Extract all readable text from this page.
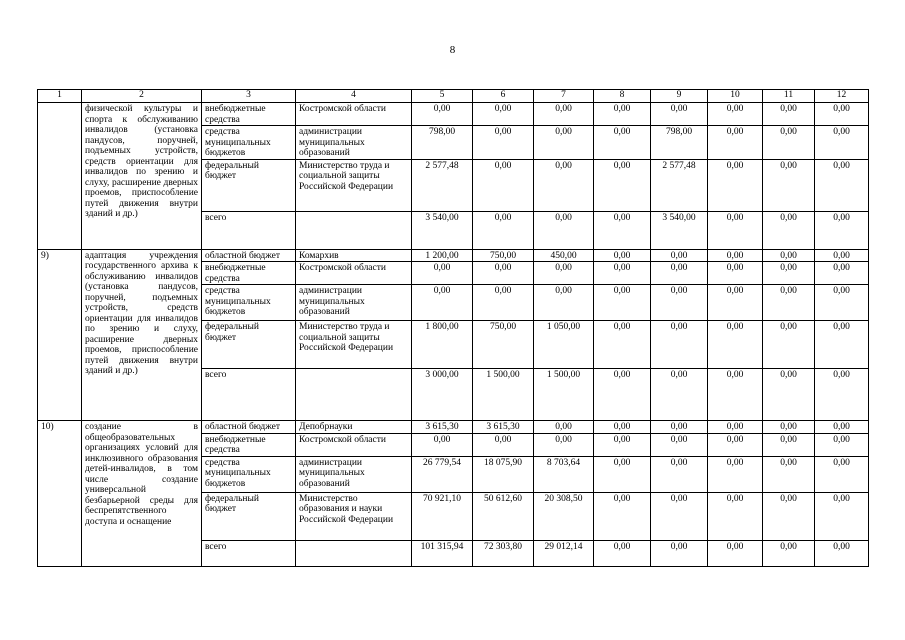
8
1	2	3	4	5	6	7	8	9	10	11	12
	физической культуры и спорта к обслуживанию инвалидов (установка пандусов, поручней, подъемных устройств, средств ориентации для инвалидов по зрению и слуху, расширение дверных проемов, приспособление путей движения внутри зданий и др.)	внебюджетные средства	Костромской области	0,00	0,00	0,00	0,00	0,00	0,00	0,00	0,00
		средства муниципальных бюджетов	администрации муниципальных образований	798,00	0,00	0,00	0,00	798,00	0,00	0,00	0,00
		федеральный бюджет	Министерство труда и социальной защиты Российской Федерации	2 577,48	0,00	0,00	0,00	2 577,48	0,00	0,00	0,00
		всего		3 540,00	0,00	0,00	0,00	3 540,00	0,00	0,00	0,00
9)	адаптация учреждения государственного архива к обслуживанию инвалидов (установка пандусов, поручней, подъемных устройств, средств ориентации для инвалидов по зрению и слуху, расширение дверных проемов, приспособление путей движения внутри зданий и др.)	областной бюджет	Комархив	1 200,00	750,00	450,00	0,00	0,00	0,00	0,00	0,00
		внебюджетные средства	Костромской области	0,00	0,00	0,00	0,00	0,00	0,00	0,00	0,00
		средства муниципальных бюджетов	администрации муниципальных образований	0,00	0,00	0,00	0,00	0,00	0,00	0,00	0,00
		федеральный бюджет	Министерство труда и социальной защиты Российской Федерации	1 800,00	750,00	1 050,00	0,00	0,00	0,00	0,00	0,00
		всего		3 000,00	1 500,00	1 500,00	0,00	0,00	0,00	0,00	0,00
10)	создание в общеобразовательных организациях условий для инклюзивного образования детей-инвалидов, в том числе создание универсальной безбарьерной среды для беспрепятственного доступа и оснащение	областной бюджет	Депобрнауки	3 615,30	3 615,30	0,00	0,00	0,00	0,00	0,00	0,00
		внебюджетные средства	Костромской области	0,00	0,00	0,00	0,00	0,00	0,00	0,00	0,00
		средства муниципальных бюджетов	администрации муниципальных образований	26 779,54	18 075,90	8 703,64	0,00	0,00	0,00	0,00	0,00
		федеральный бюджет	Министерство образования и науки Российской Федерации	70 921,10	50 612,60	20 308,50	0,00	0,00	0,00	0,00	0,00
		всего		101 315,94	72 303,80	29 012,14	0,00	0,00	0,00	0,00	0,00
